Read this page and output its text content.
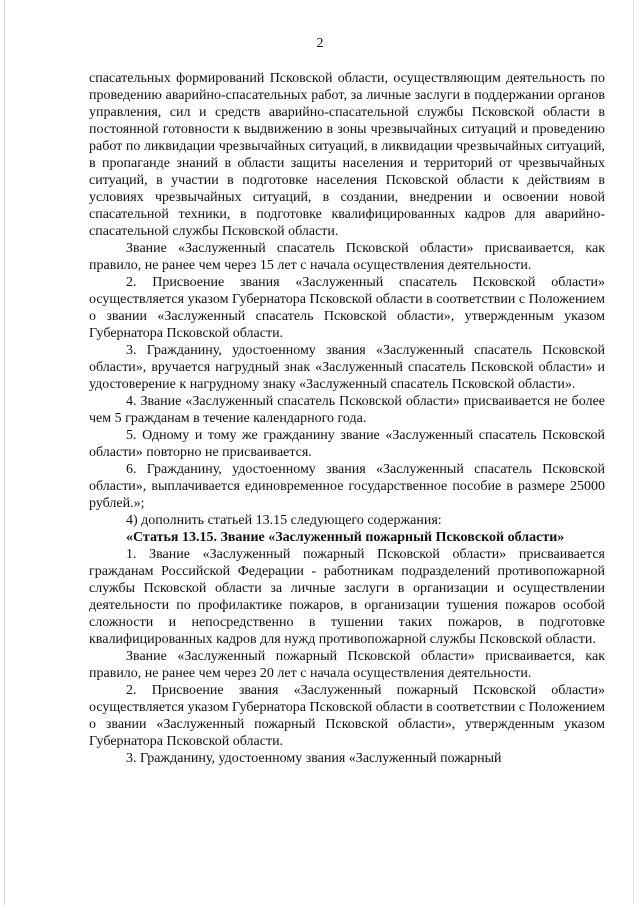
2

спасательных формирований Псковской области, осуществляющим деятельность по проведению аварийно-спасательных работ, за личные заслуги в поддержании органов управления, сил и средств аварийно-спасательной службы Псковской области в постоянной готовности к выдвижению в зоны чрезвычайных ситуаций и проведению работ по ликвидации чрезвычайных ситуаций, в ликвидации чрезвычайных ситуаций, в пропаганде знаний в области защиты населения и территорий от чрезвычайных ситуаций, в участии в подготовке населения Псковской области к действиям в условиях чрезвычайных ситуаций, в создании, внедрении и освоении новой спасательной техники, в подготовке квалифицированных кадров для аварийно-спасательной службы Псковской области.

Звание «Заслуженный спасатель Псковской области» присваивается, как правило, не ранее чем через 15 лет с начала осуществления деятельности.

2. Присвоение звания «Заслуженный спасатель Псковской области» осуществляется указом Губернатора Псковской области в соответствии с Положением о звании «Заслуженный спасатель Псковской области», утвержденным указом Губернатора Псковской области.

3. Гражданину, удостоенному звания «Заслуженный спасатель Псковской области», вручается нагрудный знак «Заслуженный спасатель Псковской области» и удостоверение к нагрудному знаку «Заслуженный спасатель Псковской области».

4. Звание «Заслуженный спасатель Псковской области» присваивается не более чем 5 гражданам в течение календарного года.

5. Одному и тому же гражданину звание «Заслуженный спасатель Псковской области» повторно не присваивается.

6. Гражданину, удостоенному звания «Заслуженный спасатель Псковской области», выплачивается единовременное государственное пособие в размере 25000 рублей.»;

4) дополнить статьей 13.15 следующего содержания:

«Статья 13.15. Звание «Заслуженный пожарный Псковской области»

1. Звание «Заслуженный пожарный Псковской области» присваивается гражданам Российской Федерации - работникам подразделений противопожарной службы Псковской области за личные заслуги в организации и осуществлении деятельности по профилактике пожаров, в организации тушения пожаров особой сложности и непосредственно в тушении таких пожаров, в подготовке квалифицированных кадров для нужд противопожарной службы Псковской области.

Звание «Заслуженный пожарный Псковской области» присваивается, как правило, не ранее чем через 20 лет с начала осуществления деятельности.

2. Присвоение звания «Заслуженный пожарный Псковской области» осуществляется указом Губернатора Псковской области в соответствии с Положением о звании «Заслуженный пожарный Псковской области», утвержденным указом Губернатора Псковской области.

3. Гражданину, удостоенному звания «Заслуженный пожарный
